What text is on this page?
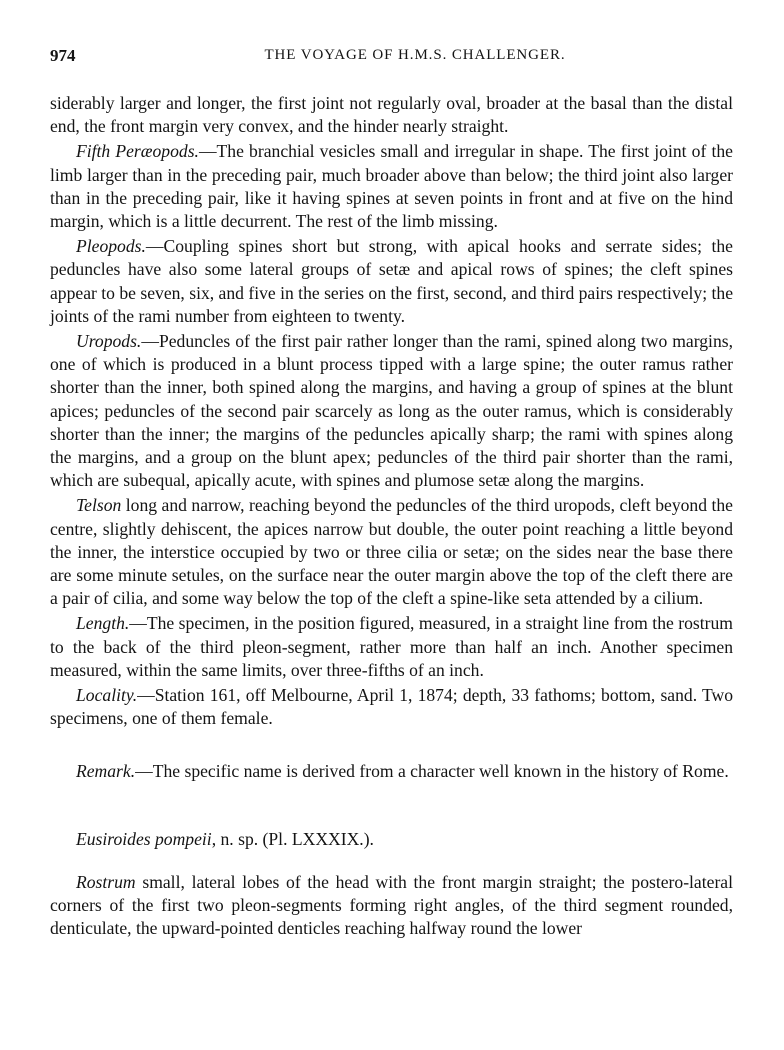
974	THE VOYAGE OF H.M.S. CHALLENGER.

siderably larger and longer, the first joint not regularly oval, broader at the basal than the distal end, the front margin very convex, and the hinder nearly straight.

Fifth Peræopods.—The branchial vesicles small and irregular in shape. The first joint of the limb larger than in the preceding pair, much broader above than below; the third joint also larger than in the preceding pair, like it having spines at seven points in front and at five on the hind margin, which is a little decurrent. The rest of the limb missing.

Pleopods.—Coupling spines short but strong, with apical hooks and serrate sides; the peduncles have also some lateral groups of setæ and apical rows of spines; the cleft spines appear to be seven, six, and five in the series on the first, second, and third pairs respectively; the joints of the rami number from eighteen to twenty.

Uropods.—Peduncles of the first pair rather longer than the rami, spined along two margins, one of which is produced in a blunt process tipped with a large spine; the outer ramus rather shorter than the inner, both spined along the margins, and having a group of spines at the blunt apices; peduncles of the second pair scarcely as long as the outer ramus, which is considerably shorter than the inner; the margins of the peduncles apically sharp; the rami with spines along the margins, and a group on the blunt apex; peduncles of the third pair shorter than the rami, which are subequal, apically acute, with spines and plumose setæ along the margins.

Telson long and narrow, reaching beyond the peduncles of the third uropods, cleft beyond the centre, slightly dehiscent, the apices narrow but double, the outer point reaching a little beyond the inner, the interstice occupied by two or three cilia or setæ; on the sides near the base there are some minute setules, on the surface near the outer margin above the top of the cleft there are a pair of cilia, and some way below the top of the cleft a spine-like seta attended by a cilium.

Length.—The specimen, in the position figured, measured, in a straight line from the rostrum to the back of the third pleon-segment, rather more than half an inch. Another specimen measured, within the same limits, over three-fifths of an inch.

Locality.—Station 161, off Melbourne, April 1, 1874; depth, 33 fathoms; bottom, sand. Two specimens, one of them female.

Remark.—The specific name is derived from a character well known in the history of Rome.

Eusiroides pompeii, n. sp. (Pl. LXXXIX.).

Rostrum small, lateral lobes of the head with the front margin straight; the postero-lateral corners of the first two pleon-segments forming right angles, of the third segment rounded, denticulate, the upward-pointed denticles reaching halfway round the lower
